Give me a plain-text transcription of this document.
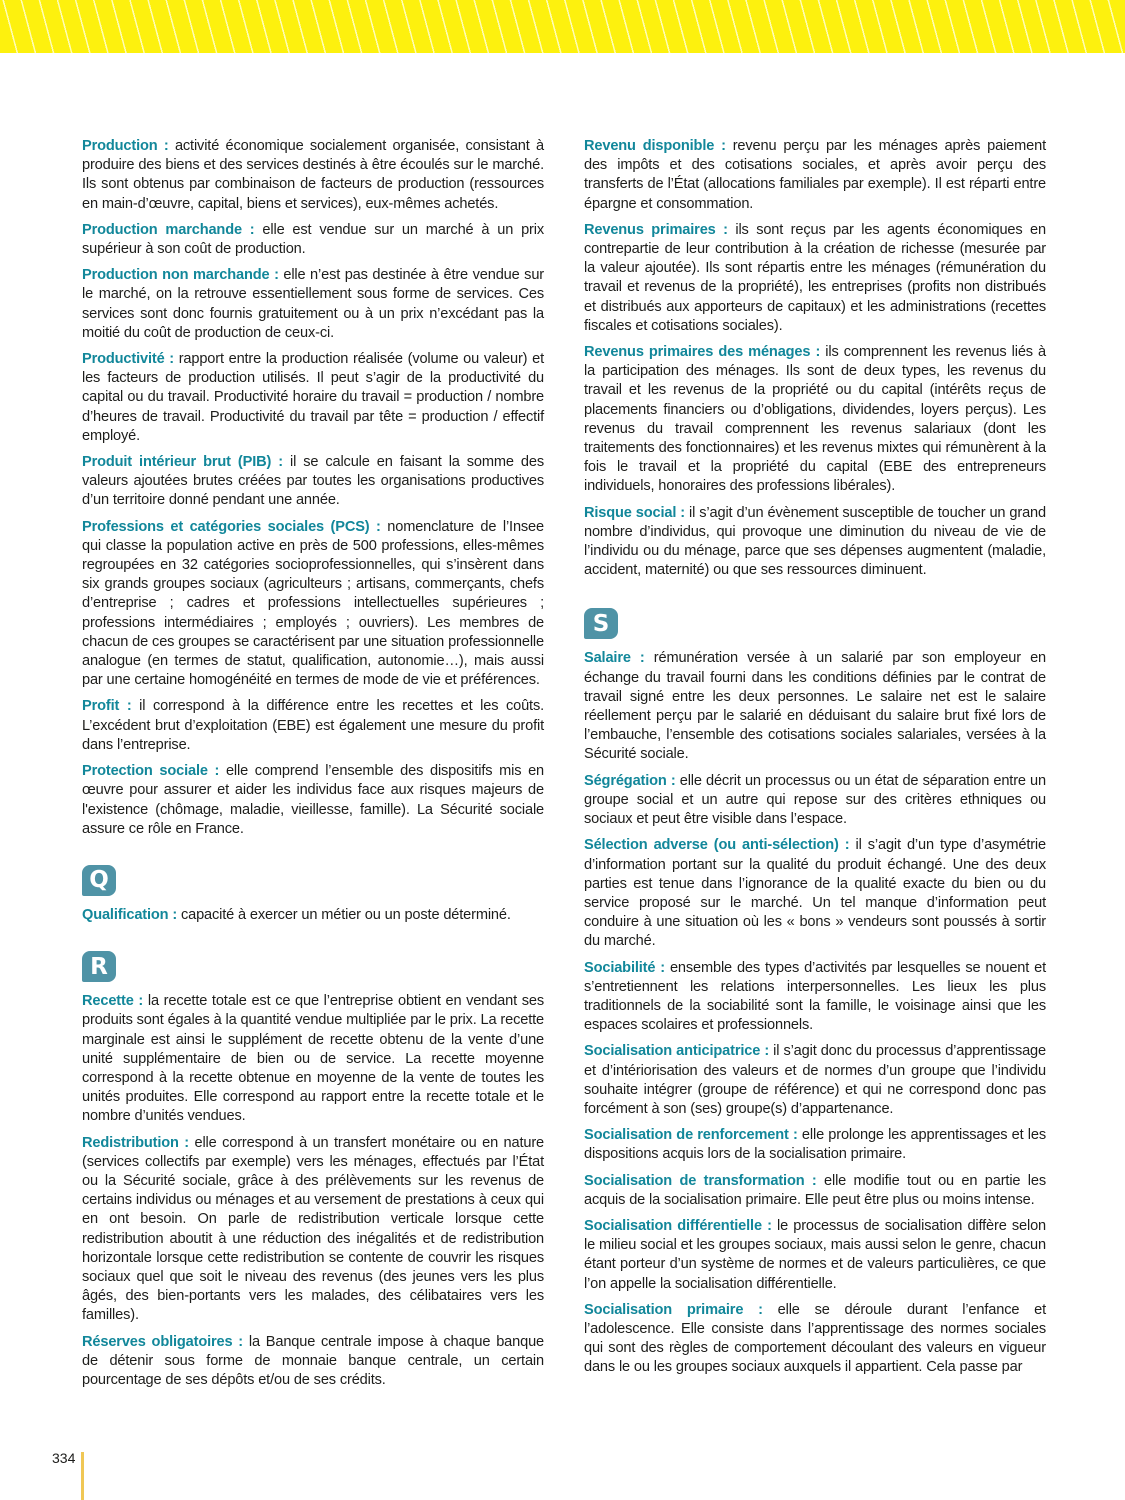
Production : activité économique socialement organisée, consistant à produire des biens et des services destinés à être écoulés sur le marché. Ils sont obtenus par combinaison de facteurs de production (ressources en main-d’œuvre, capital, biens et services), eux-mêmes achetés.

Production marchande : elle est vendue sur un marché à un prix supérieur à son coût de production.

Production non marchande : elle n’est pas destinée à être vendue sur le marché, on la retrouve essentiellement sous forme de services. Ces services sont donc fournis gratuitement ou à un prix n’excédant pas la moitié du coût de production de ceux-ci.

Productivité : rapport entre la production réalisée (volume ou valeur) et les facteurs de production utilisés. Il peut s’agir de la productivité du capital ou du travail. Productivité horaire du travail = production / nombre d’heures de travail. Productivité du travail par tête = production / effectif employé.

Produit intérieur brut (PIB) : il se calcule en faisant la somme des valeurs ajoutées brutes créées par toutes les organisations productives d’un territoire donné pendant une année.

Professions et catégories sociales (PCS) : nomenclature de l’Insee qui classe la population active en près de 500 professions, elles-mêmes regroupées en 32 catégories socioprofessionnelles, qui s’insèrent dans six grands groupes sociaux (agriculteurs ; artisans, commerçants, chefs d’entreprise ; cadres et professions intellectuelles supérieures ; professions intermédiaires ; employés ; ouvriers). Les membres de chacun de ces groupes se caractérisent par une situation professionnelle analogue (en termes de statut, qualification, autonomie…), mais aussi par une certaine homogénéité en termes de mode de vie et préférences.

Profit : il correspond à la différence entre les recettes et les coûts. L’excédent brut d’exploitation (EBE) est également une mesure du profit dans l’entreprise.

Protection sociale : elle comprend l’ensemble des dispositifs mis en œuvre pour assurer et aider les individus face aux risques majeurs de l'existence (chômage, maladie, vieillesse, famille). La Sécurité sociale assure ce rôle en France.

Q

Qualification : capacité à exercer un métier ou un poste déterminé.

R

Recette : la recette totale est ce que l’entreprise obtient en vendant ses produits sont égales à la quantité vendue multipliée par le prix. La recette marginale est ainsi le supplément de recette obtenu de la vente d’une unité supplémentaire de bien ou de service. La recette moyenne correspond à la recette obtenue en moyenne de la vente de toutes les unités produites. Elle correspond au rapport entre la recette totale et le nombre d’unités vendues.

Redistribution : elle correspond à un transfert monétaire ou en nature (services collectifs par exemple) vers les ménages, effectués par l’État ou la Sécurité sociale, grâce à des prélèvements sur les revenus de certains individus ou ménages et au versement de prestations à ceux qui en ont besoin. On parle de redistribution verticale lorsque cette redistribution aboutit à une réduction des inégalités et de redistribution horizontale lorsque cette redistribution se contente de couvrir les risques sociaux quel que soit le niveau des revenus (des jeunes vers les plus âgés, des bien-portants vers les malades, des célibataires vers les familles).

Réserves obligatoires : la Banque centrale impose à chaque banque de détenir sous forme de monnaie banque centrale, un certain pourcentage de ses dépôts et/ou de ses crédits.

Revenu disponible : revenu perçu par les ménages après paiement des impôts et des cotisations sociales, et après avoir perçu des transferts de l’État (allocations familiales par exemple). Il est réparti entre épargne et consommation.

Revenus primaires : ils sont reçus par les agents économiques en contrepartie de leur contribution à la création de richesse (mesurée par la valeur ajoutée). Ils sont répartis entre les ménages (rémunération du travail et revenus de la propriété), les entreprises (profits non distribués et distribués aux apporteurs de capitaux) et les administrations (recettes fiscales et cotisations sociales).

Revenus primaires des ménages : ils comprennent les revenus liés à la participation des ménages. Ils sont de deux types, les revenus du travail et les revenus de la propriété ou du capital (intérêts reçus de placements financiers ou d’obligations, dividendes, loyers perçus). Les revenus du travail comprennent les revenus salariaux (dont les traitements des fonctionnaires) et les revenus mixtes qui rémunèrent à la fois le travail et la propriété du capital (EBE des entrepreneurs individuels, honoraires des professions libérales).

Risque social : il s’agit d’un évènement susceptible de toucher un grand nombre d’individus, qui provoque une diminution du niveau de vie de l’individu ou du ménage, parce que ses dépenses augmentent (maladie, accident, maternité) ou que ses ressources diminuent.

S

Salaire : rémunération versée à un salarié par son employeur en échange du travail fourni dans les conditions définies par le contrat de travail signé entre les deux personnes. Le salaire net est le salaire réellement perçu par le salarié en déduisant du salaire brut fixé lors de l’embauche, l’ensemble des cotisations sociales salariales, versées à la Sécurité sociale.

Ségrégation : elle décrit un processus ou un état de séparation entre un groupe social et un autre qui repose sur des critères ethniques ou sociaux et peut être visible dans l’espace.

Sélection adverse (ou anti-sélection) : il s’agit d’un type d’asymétrie d’information portant sur la qualité du produit échangé. Une des deux parties est tenue dans l’ignorance de la qualité exacte du bien ou du service proposé sur le marché. Un tel manque d’information peut conduire à une situation où les « bons » vendeurs sont poussés à sortir du marché.

Sociabilité : ensemble des types d’activités par lesquelles se nouent et s’entretiennent les relations interpersonnelles. Les lieux les plus traditionnels de la sociabilité sont la famille, le voisinage ainsi que les espaces scolaires et professionnels.

Socialisation anticipatrice : il s’agit donc du processus d’apprentissage et d’intériorisation des valeurs et de normes d’un groupe que l’individu souhaite intégrer (groupe de référence) et qui ne correspond donc pas forcément à son (ses) groupe(s) d’appartenance.

Socialisation de renforcement : elle prolonge les apprentissages et les dispositions acquis lors de la socialisation primaire.

Socialisation de transformation : elle modifie tout ou en partie les acquis de la socialisation primaire. Elle peut être plus ou moins intense.

Socialisation différentielle : le processus de socialisation diffère selon le milieu social et les groupes sociaux, mais aussi selon le genre, chacun étant porteur d’un système de normes et de valeurs particulières, ce que l’on appelle la socialisation différentielle.

Socialisation primaire : elle se déroule durant l’enfance et l’adolescence. Elle consiste dans l’apprentissage des normes sociales qui sont des règles de comportement découlant des valeurs en vigueur dans le ou les groupes sociaux auxquels il appartient. Cela passe par

334
